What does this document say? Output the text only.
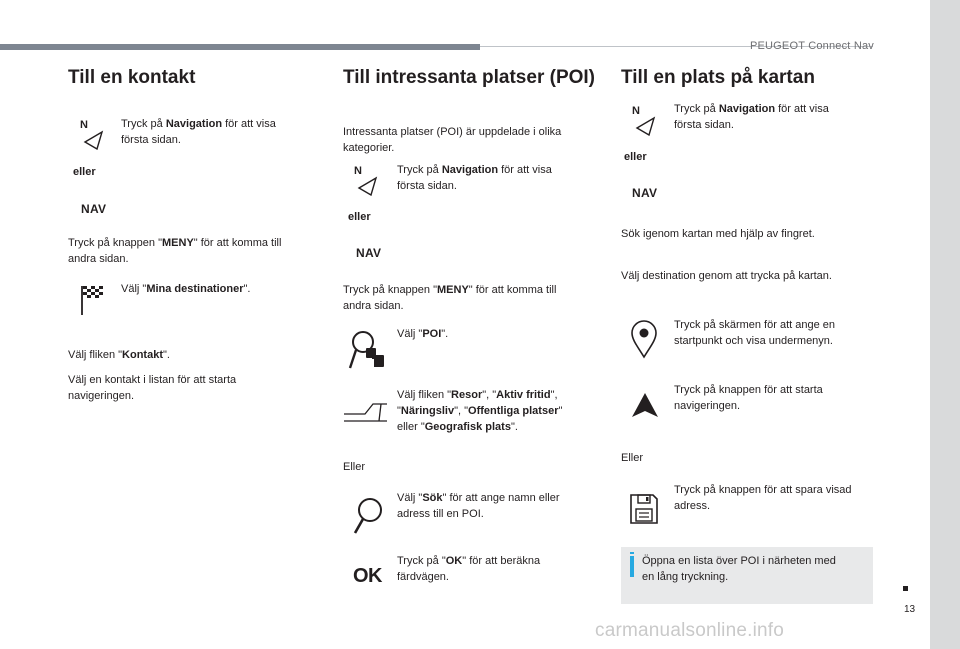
PEUGEOT Connect Nav
Till en kontakt
N	Tryck på Navigation för att visa
första sidan.
eller
NAV
Tryck på knappen "MENY" för att komma till
andra sidan.
Välj "Mina destinationer".
Välj fliken "Kontakt".
Välj en kontakt i listan för att starta
navigeringen.
Till intressanta platser (POI)
Intressanta platser (POI) är uppdelade i olika
kategorier.
N	Tryck på Navigation för att visa
första sidan.
eller
NAV
Tryck på knappen "MENY" för att komma till
andra sidan.
Välj "POI".
Välj fliken "Resor", "Aktiv fritid",
"Näringsliv", "Offentliga platser"
eller "Geografisk plats".
Eller
Välj "Sök" för att ange namn eller
adress till en POI.
OK
Tryck på "OK" för att beräkna
färdvägen.
Till en plats på kartan
N	Tryck på Navigation för att visa
första sidan.
eller
NAV
Sök igenom kartan med hjälp av fingret.
Välj destination genom att trycka på kartan.
Tryck på skärmen för att ange en
startpunkt och visa undermenyn.
Tryck på knappen för att starta
navigeringen.
Eller
Tryck på knappen för att spara visad
adress.
Öppna en lista över POI i närheten med
en lång tryckning.
13
carmanualsonline.info
